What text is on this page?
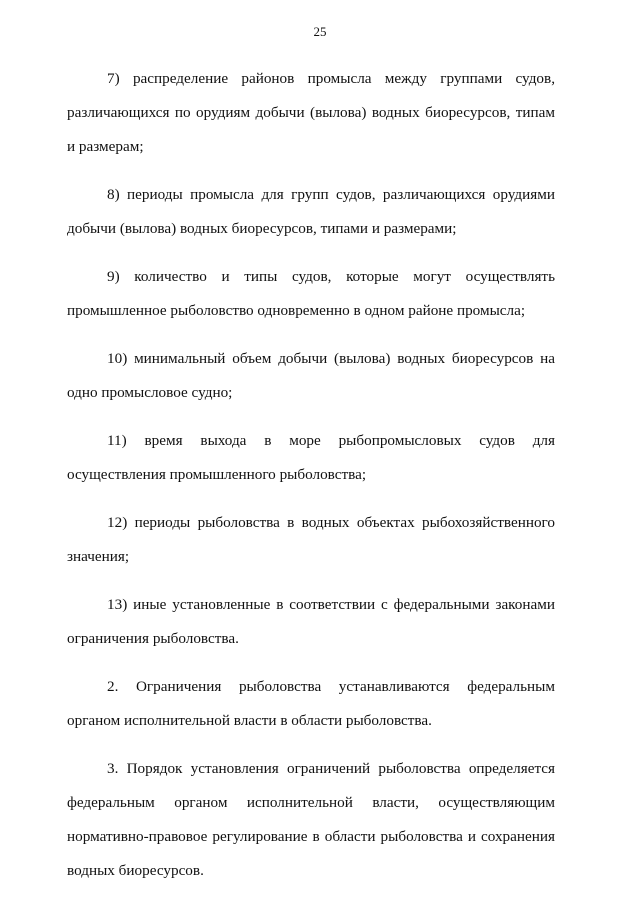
25

7) распределение районов промысла между группами судов, различающихся по орудиям добычи (вылова) водных биоресурсов, типам и размерам;

8) периоды промысла для групп судов, различающихся орудиями добычи (вылова) водных биоресурсов, типами и размерами;

9) количество и типы судов, которые могут осуществлять промышленное рыболовство одновременно в одном районе промысла;

10) минимальный объем добычи (вылова) водных биоресурсов на одно промысловое судно;

11) время выхода в море рыбопромысловых судов для осуществления промышленного рыболовства;

12) периоды рыболовства в водных объектах рыбохозяйственного значения;

13) иные установленные в соответствии с федеральными законами ограничения рыболовства.

2. Ограничения рыболовства устанавливаются федеральным органом исполнительной власти в области рыболовства.

3. Порядок установления ограничений рыболовства определяется федеральным органом исполнительной власти, осуществляющим нормативно-правовое регулирование в области рыболовства и сохранения водных биоресурсов.
